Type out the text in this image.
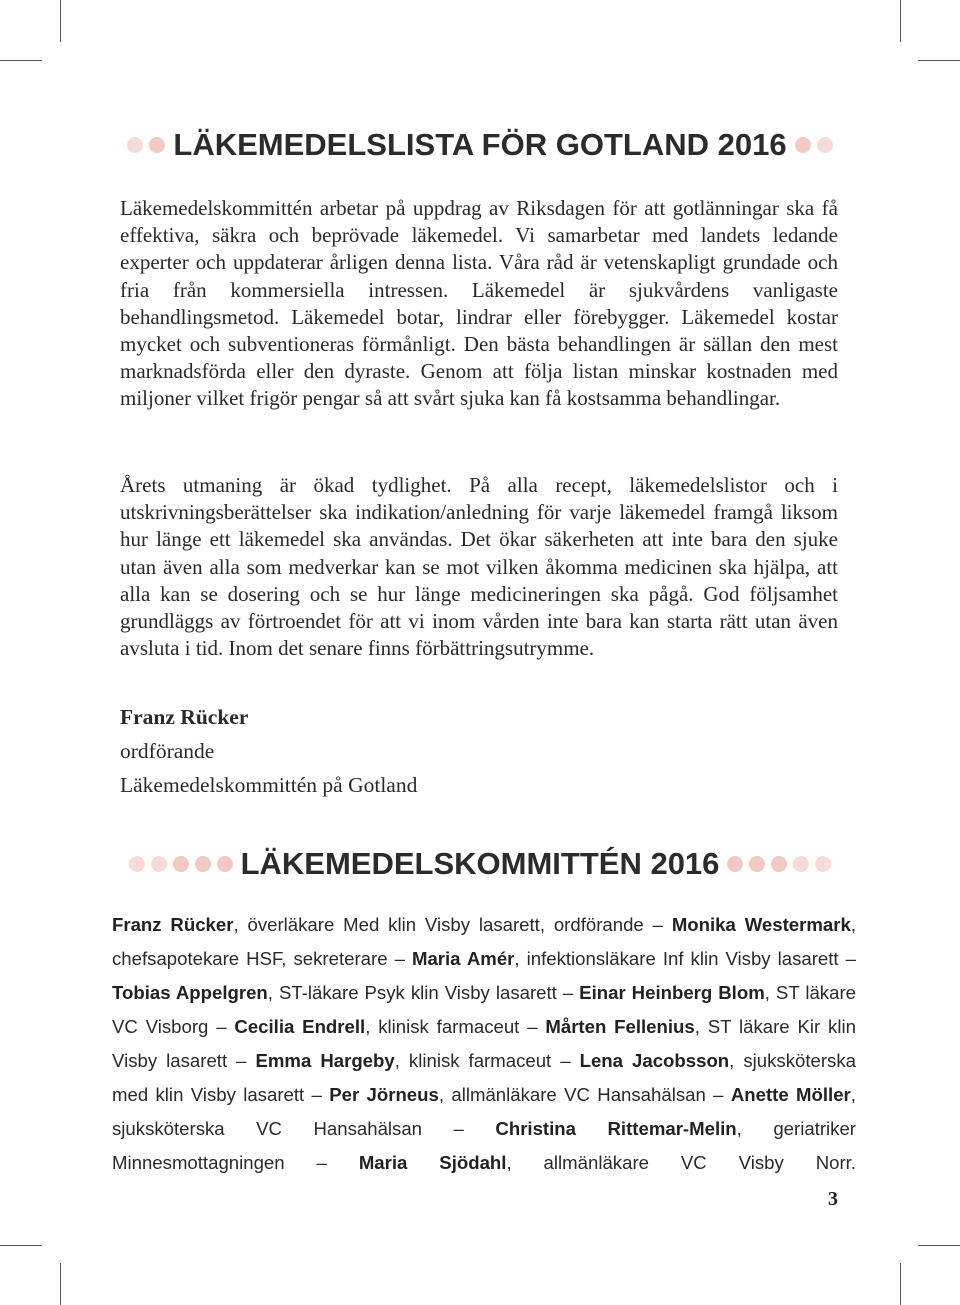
LÄKEMEDELSLISTA FÖR GOTLAND 2016

Läkemedelskommittén arbetar på uppdrag av Riksdagen för att gotlänningar ska få effektiva, säkra och beprövade läkemedel. Vi samarbetar med landets ledande experter och uppdaterar årligen denna lista. Våra råd är vetenskapligt grundade och fria från kommersiella intressen. Läkemedel är sjukvårdens vanligaste behandlingsmetod. Läkemedel botar, lindrar eller förebygger. Läkemedel kostar mycket och subventioneras förmånligt. Den bästa behandlingen är sällan den mest marknadsförda eller den dyraste. Genom att följa listan minskar kostnaden med miljoner vilket frigör pengar så att svårt sjuka kan få kostsamma behandlingar.

Årets utmaning är ökad tydlighet. På alla recept, läkemedelslistor och i utskrivningsberättelser ska indikation/anledning för varje läkemedel framgå liksom hur länge ett läkemedel ska användas. Det ökar säkerheten att inte bara den sjuke utan även alla som medverkar kan se mot vilken åkomma medicinen ska hjälpa, att alla kan se dosering och se hur länge medicineringen ska pågå. God följsamhet grundläggs av förtroendet för att vi inom vården inte bara kan starta rätt utan även avsluta i tid. Inom det senare finns förbättringsutrymme.

Franz Rücker
ordförande
Läkemedelskommittén på Gotland
LÄKEMEDELSKOMMITTÉN 2016

Franz Rücker, överläkare Med klin Visby lasarett, ordförande – Monika Westermark, chefsapotekare HSF, sekreterare – Maria Amér, infektionsläkare Inf klin Visby lasarett – Tobias Appelgren, ST-läkare Psyk klin Visby lasarett – Einar Heinberg Blom, ST läkare VC Visborg – Cecilia Endrell, klinisk farmaceut – Mårten Fellenius, ST läkare Kir klin Visby lasarett – Emma Hargeby, klinisk farmaceut – Lena Jacobsson, sjuksköterska med klin Visby lasarett – Per Jörneus, allmänläkare VC Hansahälsan – Anette Möller, sjuksköterska VC Hansahälsan – Christina Rittemar-Melin, geriatriker Minnesmottagningen – Maria Sjödahl, allmänläkare VC Visby Norr.

3
